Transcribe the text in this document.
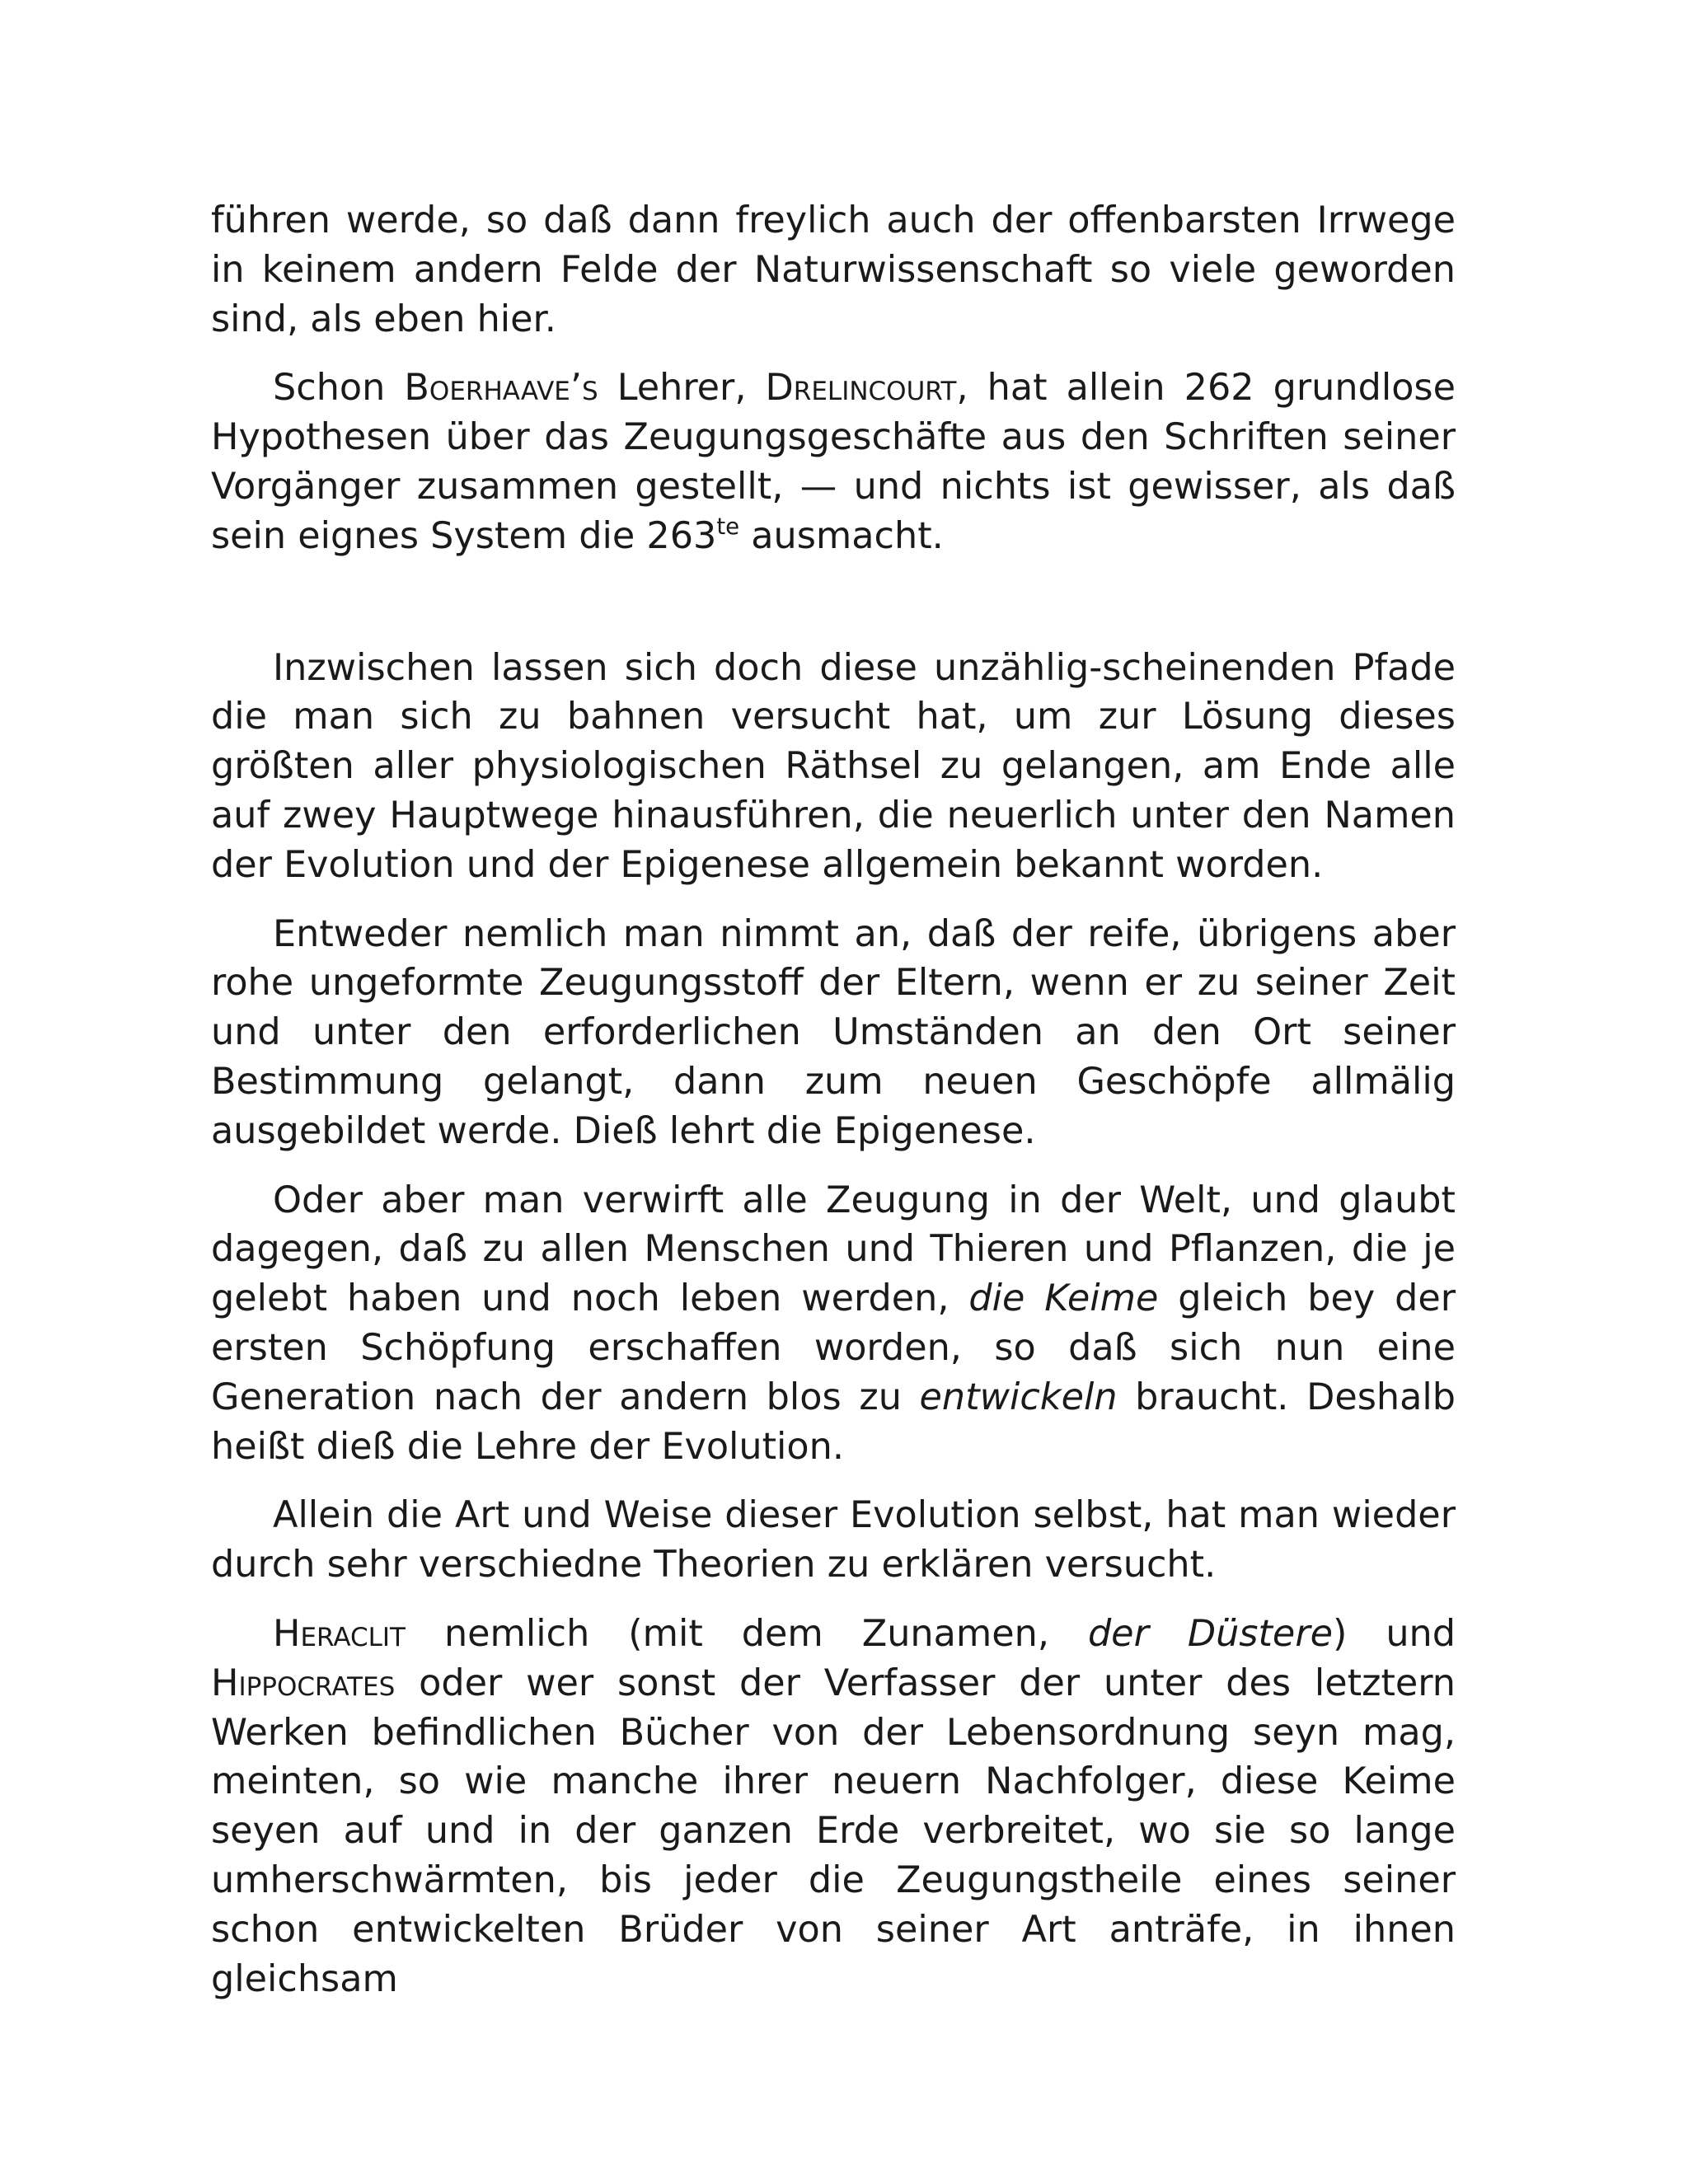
führen werde, so daß dann freylich auch der offenbarsten Irrwege in keinem andern Felde der Naturwissenschaft so viele geworden sind, als eben hier.

Schon Boerhaave’s Lehrer, Drelincourt, hat allein 262 grundlose Hypothesen über das Zeugungsgeschäfte aus den Schriften seiner Vorgänger zusammen gestellt, — und nichts ist gewisser, als daß sein eignes System die $263^{te}$ ausmacht.

Inzwischen lassen sich doch diese unzählig-scheinenden Pfade die man sich zu bahnen versucht hat, um zur Lösung dieses größten aller physiologischen Räthsel zu gelangen, am Ende alle auf zwey Hauptwege hinausführen, die neuerlich unter den Namen der Evolution und der Epigenese allgemein bekannt worden.

Entweder nemlich man nimmt an, daß der reife, übrigens aber rohe ungeformte Zeugungsstoff der Eltern, wenn er zu seiner Zeit und unter den erforderlichen Umständen an den Ort seiner Bestimmung gelangt, dann zum neuen Geschöpfe allmälig ausgebildet werde. Dieß lehrt die Epigenese.

Oder aber man verwirft alle Zeugung in der Welt, und glaubt dagegen, daß zu allen Menschen und Thieren und Pflanzen, die je gelebt haben und noch leben werden, die Keime gleich bey der ersten Schöpfung erschaffen worden, so daß sich nun eine Generation nach der andern blos zu entwickeln braucht. Deshalb heißt dieß die Lehre der Evolution.

Allein die Art und Weise dieser Evolution selbst, hat man wieder durch sehr verschiedne Theorien zu erklären versucht.

Heraclit nemlich (mit dem Zunamen, der Düstere) und Hippocrates oder wer sonst der Verfasser der unter des letztern Werken befindlichen Bücher von der Lebensordnung seyn mag, meinten, so wie manche ihrer neuern Nachfolger, diese Keime seyen auf und in der ganzen Erde verbreitet, wo sie so lange umherschwärmten, bis jeder die Zeugungstheile eines seiner schon entwickelten Brüder von seiner Art anträfe, in ihnen gleichsam
